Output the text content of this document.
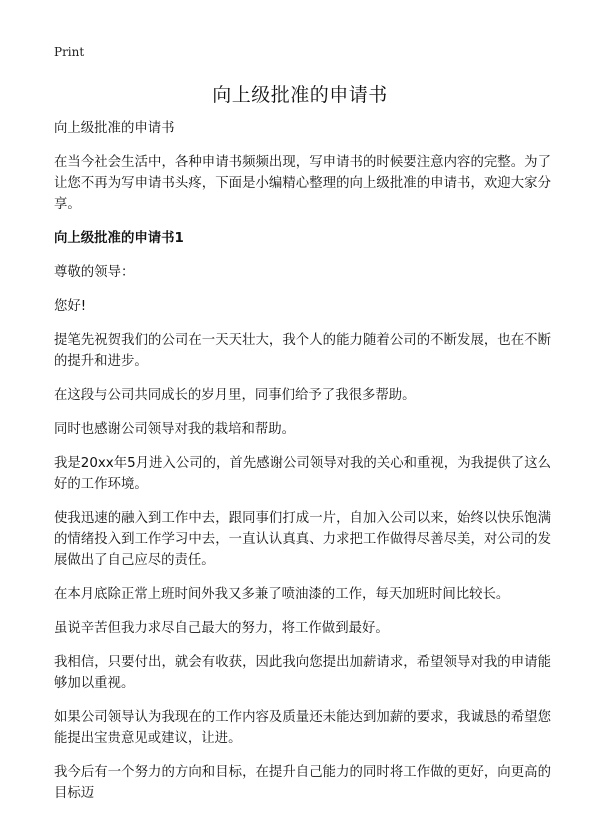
Print
向上级批准的申请书

向上级批准的申请书

在当今社会生活中，各种申请书频频出现，写申请书的时候要注意内容的完整。为了让您不再为写申请书头疼，下面是小编精心整理的向上级批准的申请书，欢迎大家分享。

向上级批准的申请书1

尊敬的领导：

您好!

提笔先祝贺我们的公司在一天天壮大，我个人的能力随着公司的不断发展，也在不断的提升和进步。

在这段与公司共同成长的岁月里，同事们给予了我很多帮助。

同时也感谢公司领导对我的栽培和帮助。

我是20xx年5月进入公司的，首先感谢公司领导对我的关心和重视，为我提供了这么好的工作环境。

使我迅速的融入到工作中去，跟同事们打成一片，自加入公司以来，始终以快乐饱满的情绪投入到工作学习中去，一直认认真真、力求把工作做得尽善尽美，对公司的发展做出了自己应尽的责任。

在本月底除正常上班时间外我又多兼了喷油漆的工作，每天加班时间比较长。

虽说辛苦但我力求尽自己最大的努力，将工作做到最好。

我相信，只要付出，就会有收获，因此我向您提出加薪请求，希望领导对我的申请能够加以重视。

如果公司领导认为我现在的工作内容及质量还未能达到加薪的要求，我诚恳的希望您能提出宝贵意见或建议，让进。

我今后有一个努力的方向和目标，在提升自己能力的同时将工作做的更好，向更高的目标迈
